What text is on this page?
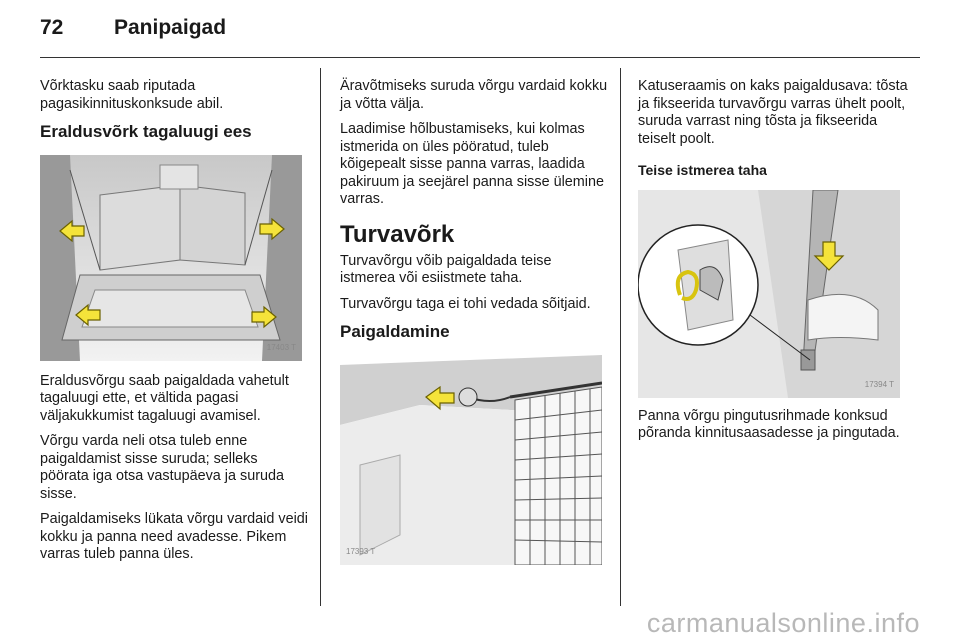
72 Panipaigad

Võrktasku saab riputada pagasikinnituskonksude abil.

Eraldusvõrk tagaluugi ees
17403 T

Eraldusvõrgu saab paigaldada vahetult tagaluugi ette, et vältida pagasi väljakukkumist tagaluugi avamisel.

Võrgu varda neli otsa tuleb enne paigaldamist sisse suruda; selleks pöörata iga otsa vastupäeva ja suruda sisse.

Paigaldamiseks lükata võrgu vardaid veidi kokku ja panna need avadesse. Pikem varras tuleb panna üles.

Äravõtmiseks suruda võrgu vardaid kokku ja võtta välja.

Laadimise hõlbustamiseks, kui kolmas istmerida on üles pööratud, tuleb kõigepealt sisse panna varras, laadida pakiruum ja seejärel panna sisse ülemine varras.

Turvavõrk

Turvavõrgu võib paigaldada teise istmerea või esiistmete taha.

Turvavõrgu taga ei tohi vedada sõitjaid.

Paigaldamine
17393 T

Katuseraamis on kaks paigaldusava: tõsta ja fikseerida turvavõrgu varras ühelt poolt, suruda varrast ning tõsta ja fikseerida teiselt poolt.

Teise istmerea taha
17394 T

Panna võrgu pingutusrihmade konksud põranda kinnitusaasadesse ja pingutada.

carmanualsonline.info
